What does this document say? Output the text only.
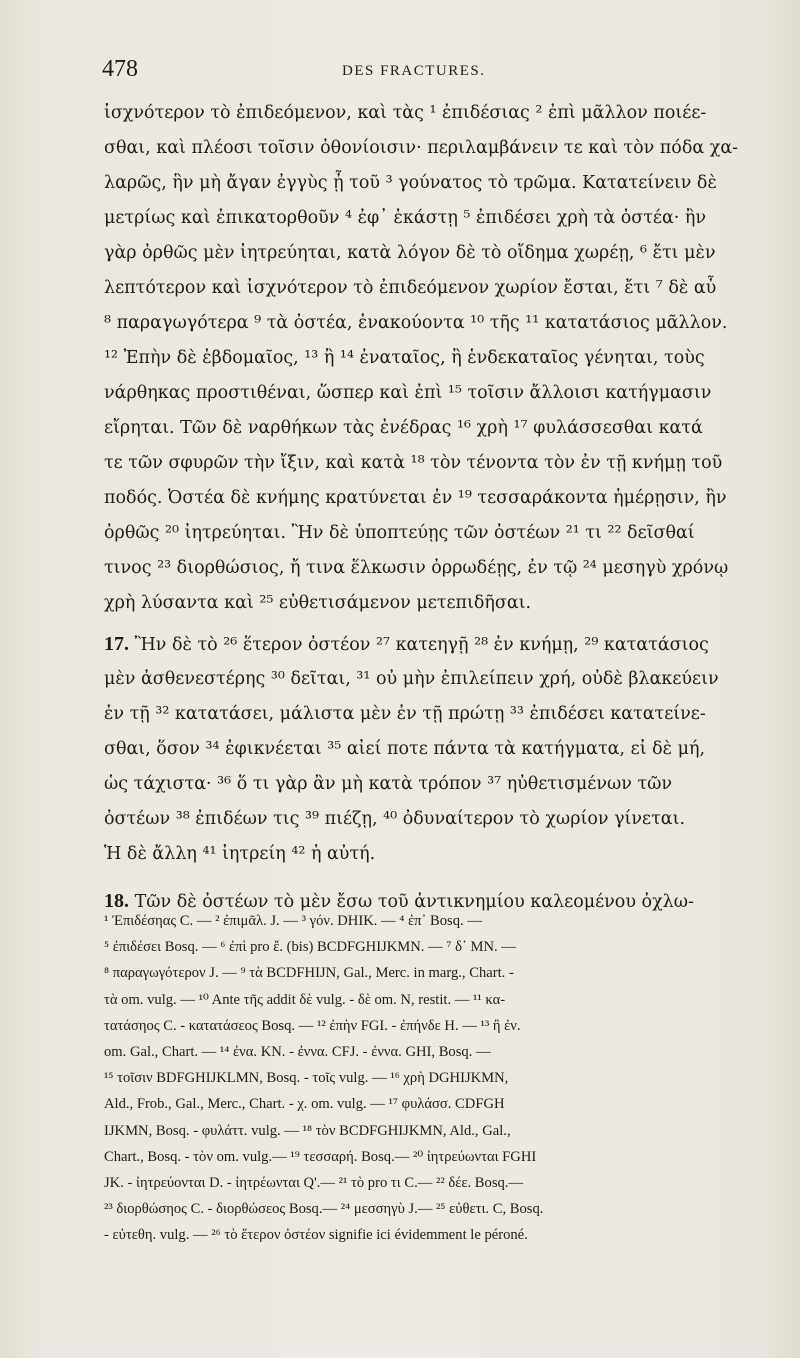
478	DES FRACTURES.
ἰσχνότερον τὸ ἐπιδεόμενον, καὶ τὰς ¹ ἐπιδέσιας ² ἐπὶ μᾶλλον ποιέε-
σθαι, καὶ πλέοσι τοῖσιν ὀθονίοισιν· περιλαμβάνειν τε καὶ τὸν πόδα χα-
λαρῶς, ἣν μὴ ἄγαν ἐγγὺς ᾖ τοῦ ³ γούνατος τὸ τρῶμα. Κατατείνειν δὲ
μετρίως καὶ ἐπικατορθοῦν ⁴ ἐφ᾽ ἑκάστῃ ⁵ ἐπιδέσει χρὴ τὰ ὀστέα· ἢν
γὰρ ὀρθῶς μὲν ἰητρεύηται, κατὰ λόγον δὲ τὸ οἴδημα χωρέῃ, ⁶ ἔτι μὲν
λεπτότερον καὶ ἰσχνότερον τὸ ἐπιδεόμενον χωρίον ἔσται, ἔτι ⁷ δὲ αὖ
⁸ παραγωγότερα ⁹ τὰ ὀστέα, ἐνακούοντα ¹⁰ τῆς ¹¹ κατατάσιος μᾶλλον.
¹² Ἐπὴν δὲ ἑβδομαῖος, ¹³ ἢ ¹⁴ ἐναταῖος, ἢ ἑνδεκαταῖος γένηται, τοὺς
νάρθηκας προστιθέναι, ὥσπερ καὶ ἐπὶ ¹⁵ τοῖσιν ἄλλοισι κατήγμασιν
εἴρηται. Τῶν δὲ ναρθήκων τὰς ἐνέδρας ¹⁶ χρὴ ¹⁷ φυλάσσεσθαι κατά
τε τῶν σφυρῶν τὴν ἴξιν, καὶ κατὰ ¹⁸ τὸν τένοντα τὸν ἐν τῇ κνήμῃ τοῦ
ποδός. Ὀστέα δὲ κνήμης κρατύνεται ἐν ¹⁹ τεσσαράκοντα ἡμέρῃσιν, ἢν
ὀρθῶς ²⁰ ἰητρεύηται. Ἢν δὲ ὑποπτεύῃς τῶν ὀστέων ²¹ τι ²² δεῖσθαί
τινος ²³ διορθώσιος, ἤ τινα ἕλκωσιν ὀρρωδέῃς, ἐν τῷ ²⁴ μεσηγὺ χρόνῳ
χρὴ λύσαντα καὶ ²⁵ εὐθετισάμενον μετεπιδῆσαι.
17. Ἢν δὲ τὸ ²⁶ ἕτερον ὀστέον ²⁷ κατεηγῇ ²⁸ ἐν κνήμῃ, ²⁹ κατατάσιος
μὲν ἀσθενεστέρης ³⁰ δεῖται, ³¹ οὐ μὴν ἐπιλείπειν χρή, οὐδὲ βλακεύειν
ἐν τῇ ³² κατατάσει, μάλιστα μὲν ἐν τῇ πρώτῃ ³³ ἐπιδέσει κατατείνε-
σθαι, ὅσον ³⁴ ἐφικνέεται ³⁵ αἰεί ποτε πάντα τὰ κατήγματα, εἰ δὲ μή,
ὡς τάχιστα· ³⁶ ὅ τι γὰρ ἂν μὴ κατὰ τρόπον ³⁷ ηὐθετισμένων τῶν
ὀστέων ³⁸ ἐπιδέων τις ³⁹ πιέζῃ, ⁴⁰ ὀδυναίτερον τὸ χωρίον γίνεται.
Ἡ δὲ ἄλλη ⁴¹ ἰητρείη ⁴² ἡ αὐτή.
18. Τῶν δὲ ὀστέων τὸ μὲν ἔσω τοῦ ἀντικνημίου καλεομένου ὀχλω-
¹ Ἐπιδέσηας C. — ² ἐπιμᾶλ. J. — ³ γόν. DHIK. — ⁴ ἐπ᾽ Bosq. —
⁵ ἐπιδέσει Bosq. — ⁶ ἐπὶ pro ἔ. (bis) BCDFGHIJKMN. — ⁷ δ᾽ MN. —
⁸ παραγωγότερον J. — ⁹ τὰ BCDFHIJN, Gal., Merc. in marg., Chart. -
τὰ om. vulg. — ¹⁰ Ante τῆς addit δὲ vulg. - δὲ om. N, restit. — ¹¹ κα-
τατάσηος C. - κατατάσεος Bosq. — ¹² ἐπὴν FGI. - ἐπήνδε H. — ¹³ ἢ ἐν.
om. Gal., Chart. — ¹⁴ ἐνα. KN. - ἐννα. CFJ. - ἐννα. GHI, Bosq. —
¹⁵ τοῖσιν BDFGHIJKLMN, Bosq. - τοῖς vulg. — ¹⁶ χρὴ DGHIJKMN,
Ald., Frob., Gal., Merc., Chart. - χ. om. vulg. — ¹⁷ φυλάσσ. CDFGH
IJKMN, Bosq. - φυλάττ. vulg. — ¹⁸ τὸν BCDFGHIJKMN, Ald., Gal.,
Chart., Bosq. - τὸν om. vulg.— ¹⁹ τεσσαρή. Bosq.— ²⁰ ἰητρεύωνται FGHI
JK. - ἰητρεύονται D. - ἰητρέωνται Q'.— ²¹ τὸ pro τι C.— ²² δέε. Bosq.—
²³ διορθώσηος C. - διορθώσεος Bosq.— ²⁴ μεσσηγὺ J.— ²⁵ εὐθετι. C, Bosq.
- εὐτεθη. vulg. — ²⁶ τὸ ἕτερον ὀστέον signifie ici évidemment le péroné.
